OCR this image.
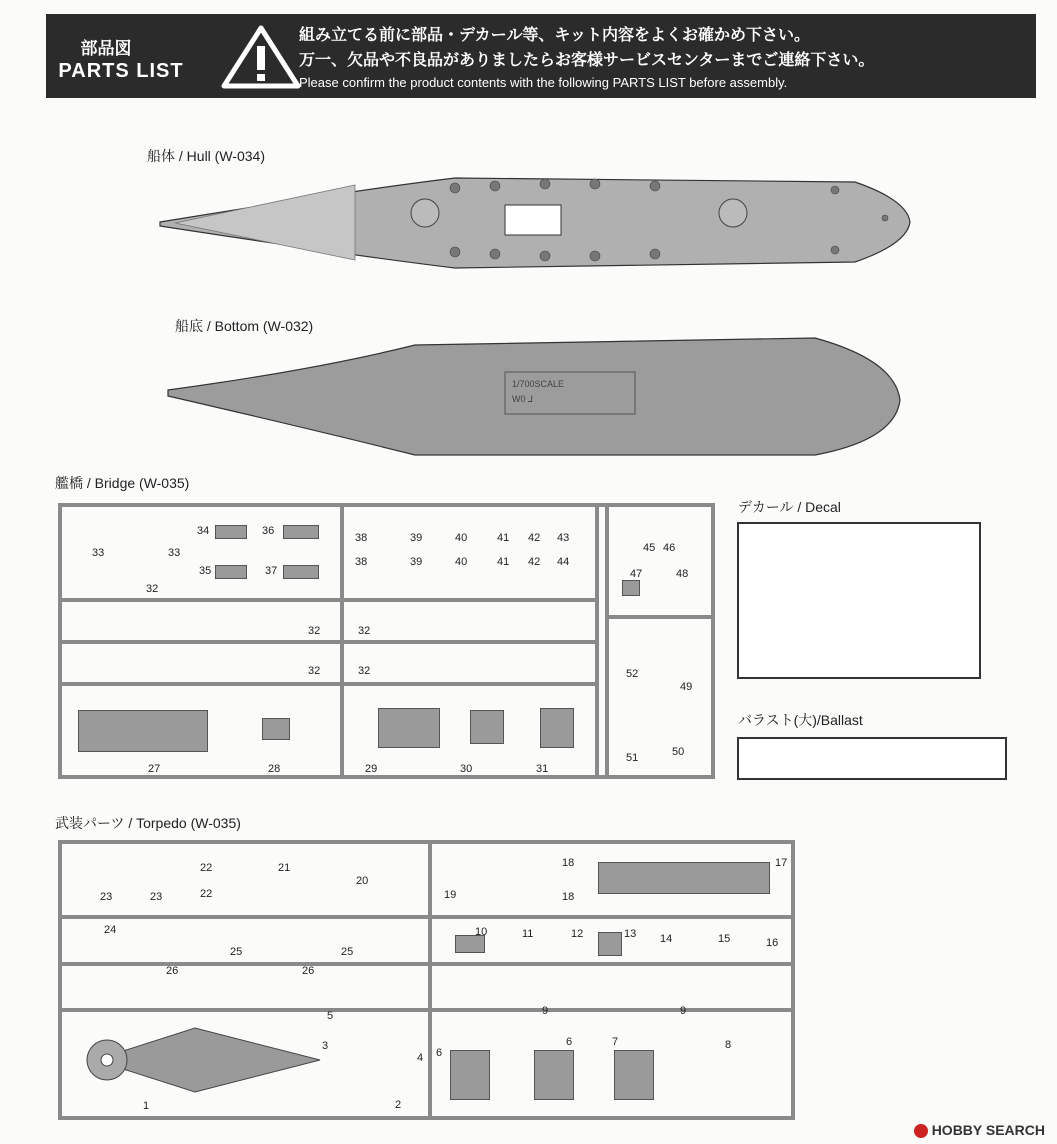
部品図
PARTS LIST
組み立てる前に部品・デカール等、キット内容をよくお確かめ下さい。
万一、欠品や不良品がありましたらお客様サービスセンターまでご連絡下さい。
Please confirm the product contents with the following PARTS LIST before assembly.
船体 / Hull (W-034)
船底 / Bottom (W-032)
1/700SCALE
W0 ⅃
艦橋 / Bridge (W-035)
33	33
32
34	36
35	37
38	39	40	41 42 43
38	39	40	41 42 44
45 46
47	48
32	32
32	32	52
49
27	28	29	30	31
51	50
デカール / Decal
バラスト(大)/Ballast
武装パーツ / Torpedo (W-035)
22	21	18	17
20
23	23	22	19	18
24	10	11	12	13 14	15	16
25	25
26	26
5	9	9
3	6	7	8
4
1	2
6
HOBBY SEARCH
